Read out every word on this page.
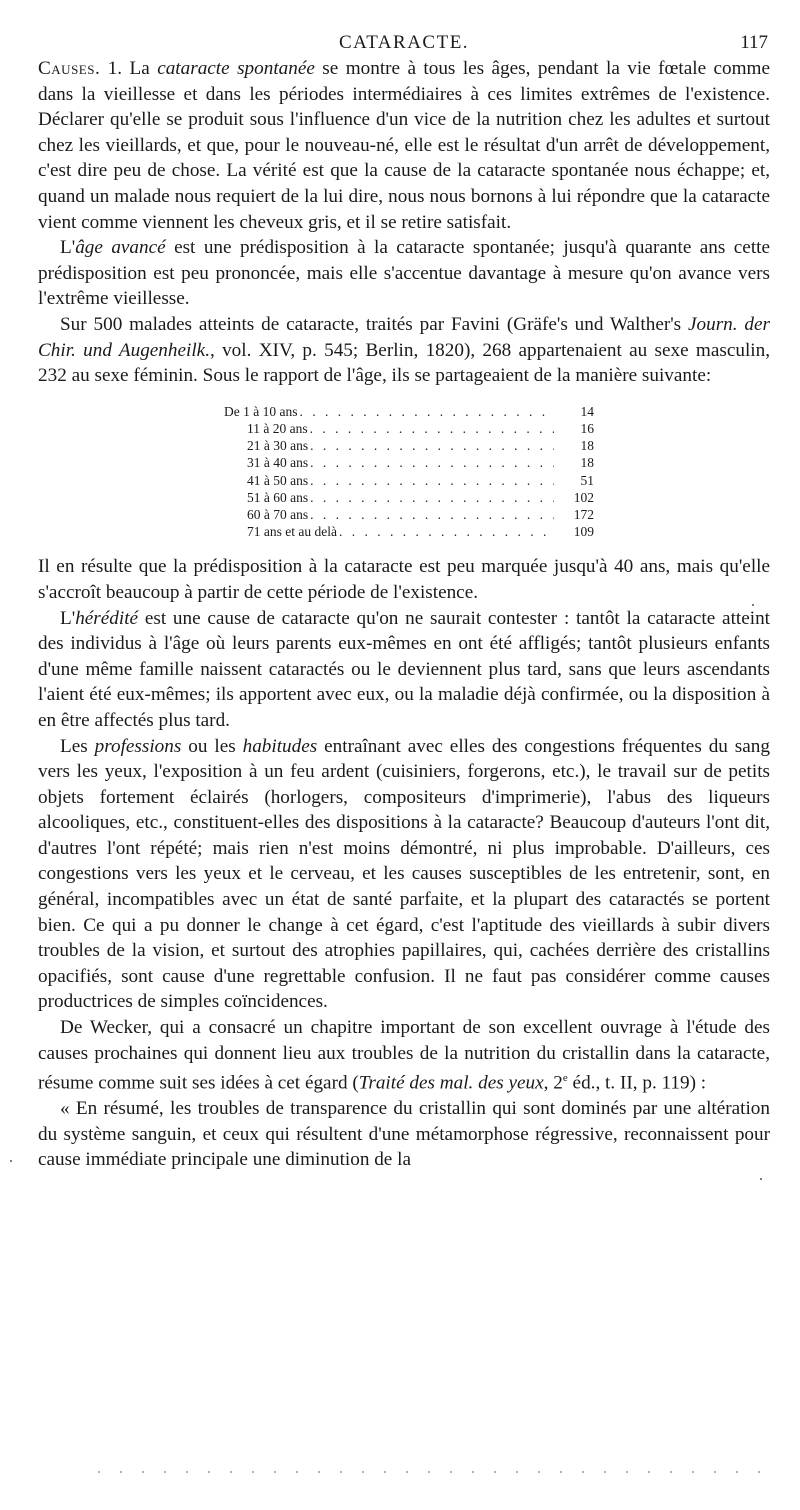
CATARACTE.	117

Causes. 1. La cataracte spontanée se montre à tous les âges, pendant la vie fœtale comme dans la vieillesse et dans les périodes intermédiaires à ces limites extrêmes de l'existence. Déclarer qu'elle se produit sous l'influence d'un vice de la nutrition chez les adultes et surtout chez les vieillards, et que, pour le nouveau-né, elle est le résultat d'un arrêt de développement, c'est dire peu de chose. La vérité est que la cause de la cataracte spontanée nous échappe; et, quand un malade nous requiert de la lui dire, nous nous bornons à lui répondre que la cataracte vient comme viennent les cheveux gris, et il se retire satisfait.

L'âge avancé est une prédisposition à la cataracte spontanée; jusqu'à quarante ans cette prédisposition est peu prononcée, mais elle s'accentue davantage à mesure qu'on avance vers l'extrême vieillesse.

Sur 500 malades atteints de cataracte, traités par Favini (Gräfe's und Walther's Journ. der Chir. und Augenheilk., vol. XIV, p. 545; Berlin, 1820), 268 appartenaient au sexe masculin, 232 au sexe féminin. Sous le rapport de l'âge, ils se partageaient de la manière suivante:

De 1 à 10 ans . . .	14
11 à 20 ans . . .	16
21 à 30 ans . . .	18
31 à 40 ans . . .	18
41 à 50 ans . . .	51
51 à 60 ans . . .	102
60 à 70 ans . . .	172
71 ans et au delà . . .	109

Il en résulte que la prédisposition à la cataracte est peu marquée jusqu'à 40 ans, mais qu'elle s'accroît beaucoup à partir de cette période de l'existence.

L'hérédité est une cause de cataracte qu'on ne saurait contester : tantôt la cataracte atteint des individus à l'âge où leurs parents eux-mêmes en ont été affligés; tantôt plusieurs enfants d'une même famille naissent cataractés ou le deviennent plus tard, sans que leurs ascendants l'aient été eux-mêmes; ils apportent avec eux, ou la maladie déjà confirmée, ou la disposition à en être affectés plus tard.

Les professions ou les habitudes entraînant avec elles des congestions fréquentes du sang vers les yeux, l'exposition à un feu ardent (cuisiniers, forgerons, etc.), le travail sur de petits objets fortement éclairés (horlogers, compositeurs d'imprimerie), l'abus des liqueurs alcooliques, etc., constituent-elles des dispositions à la cataracte? Beaucoup d'auteurs l'ont dit, d'autres l'ont répété; mais rien n'est moins démontré, ni plus improbable. D'ailleurs, ces congestions vers les yeux et le cerveau, et les causes susceptibles de les entretenir, sont, en général, incompatibles avec un état de santé parfaite, et la plupart des cataractés se portent bien. Ce qui a pu donner le change à cet égard, c'est l'aptitude des vieillards à subir divers troubles de la vision, et surtout des atrophies papillaires, qui, cachées derrière des cristallins opacifiés, sont cause d'une regrettable confusion. Il ne faut pas considérer comme causes productrices de simples coïncidences.

De Wecker, qui a consacré un chapitre important de son excellent ouvrage à l'étude des causes prochaines qui donnent lieu aux troubles de la nutrition du cristallin dans la cataracte, résume comme suit ses idées à cet égard (Traité des mal. des yeux, 2e éd., t. II, p. 119) :

« En résumé, les troubles de transparence du cristallin qui sont dominés par une altération du système sanguin, et ceux qui résultent d'une métamorphose régressive, reconnaissent pour cause immédiate principale une diminution de la
